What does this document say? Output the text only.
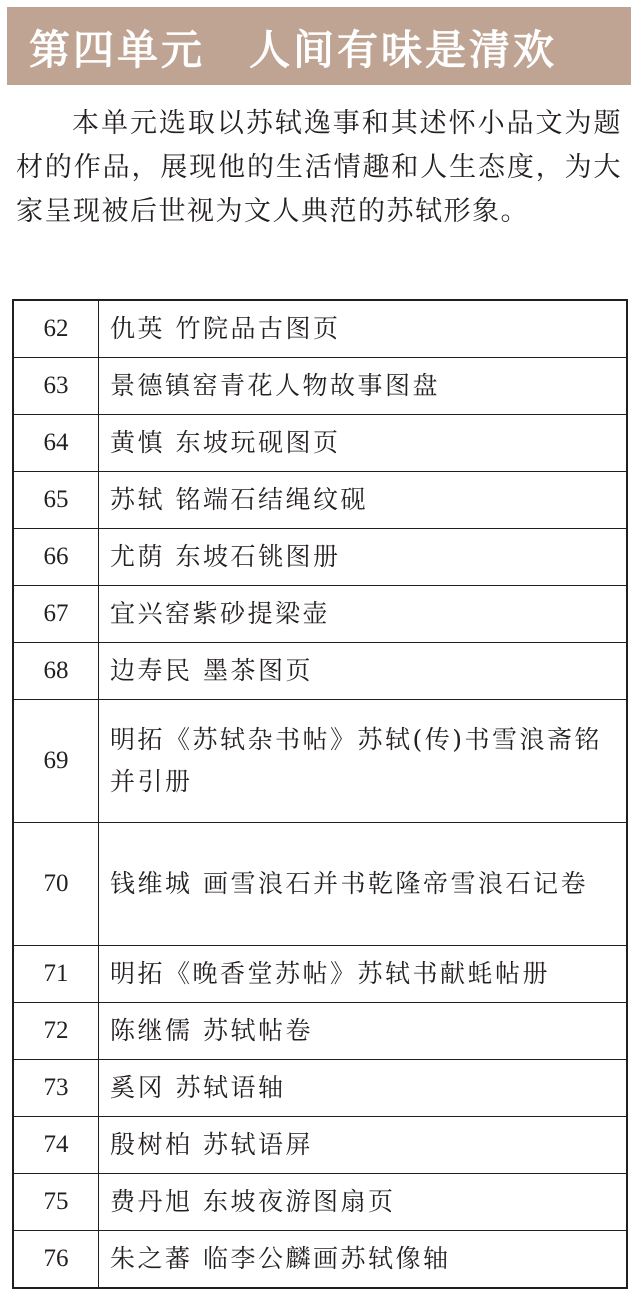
第四单元 人间有味是清欢

本单元选取以苏轼逸事和其述怀小品文为题材的作品，展现他的生活情趣和人生态度，为大家呈现被后世视为文人典范的苏轼形象。

62	仇英 竹院品古图页
63	景德镇窑青花人物故事图盘
64	黄慎 东坡玩砚图页
65	苏轼 铭端石结绳纹砚
66	尤荫 东坡石铫图册
67	宜兴窑紫砂提梁壶
68	边寿民 墨茶图页
69	明拓《苏轼杂书帖》苏轼(传)书雪浪斋铭并引册
70	钱维城 画雪浪石并书乾隆帝雪浪石记卷
71	明拓《晚香堂苏帖》苏轼书献蚝帖册
72	陈继儒 苏轼帖卷
73	奚冈 苏轼语轴
74	殷树柏 苏轼语屏
75	费丹旭 东坡夜游图扇页
76	朱之蕃 临李公麟画苏轼像轴
